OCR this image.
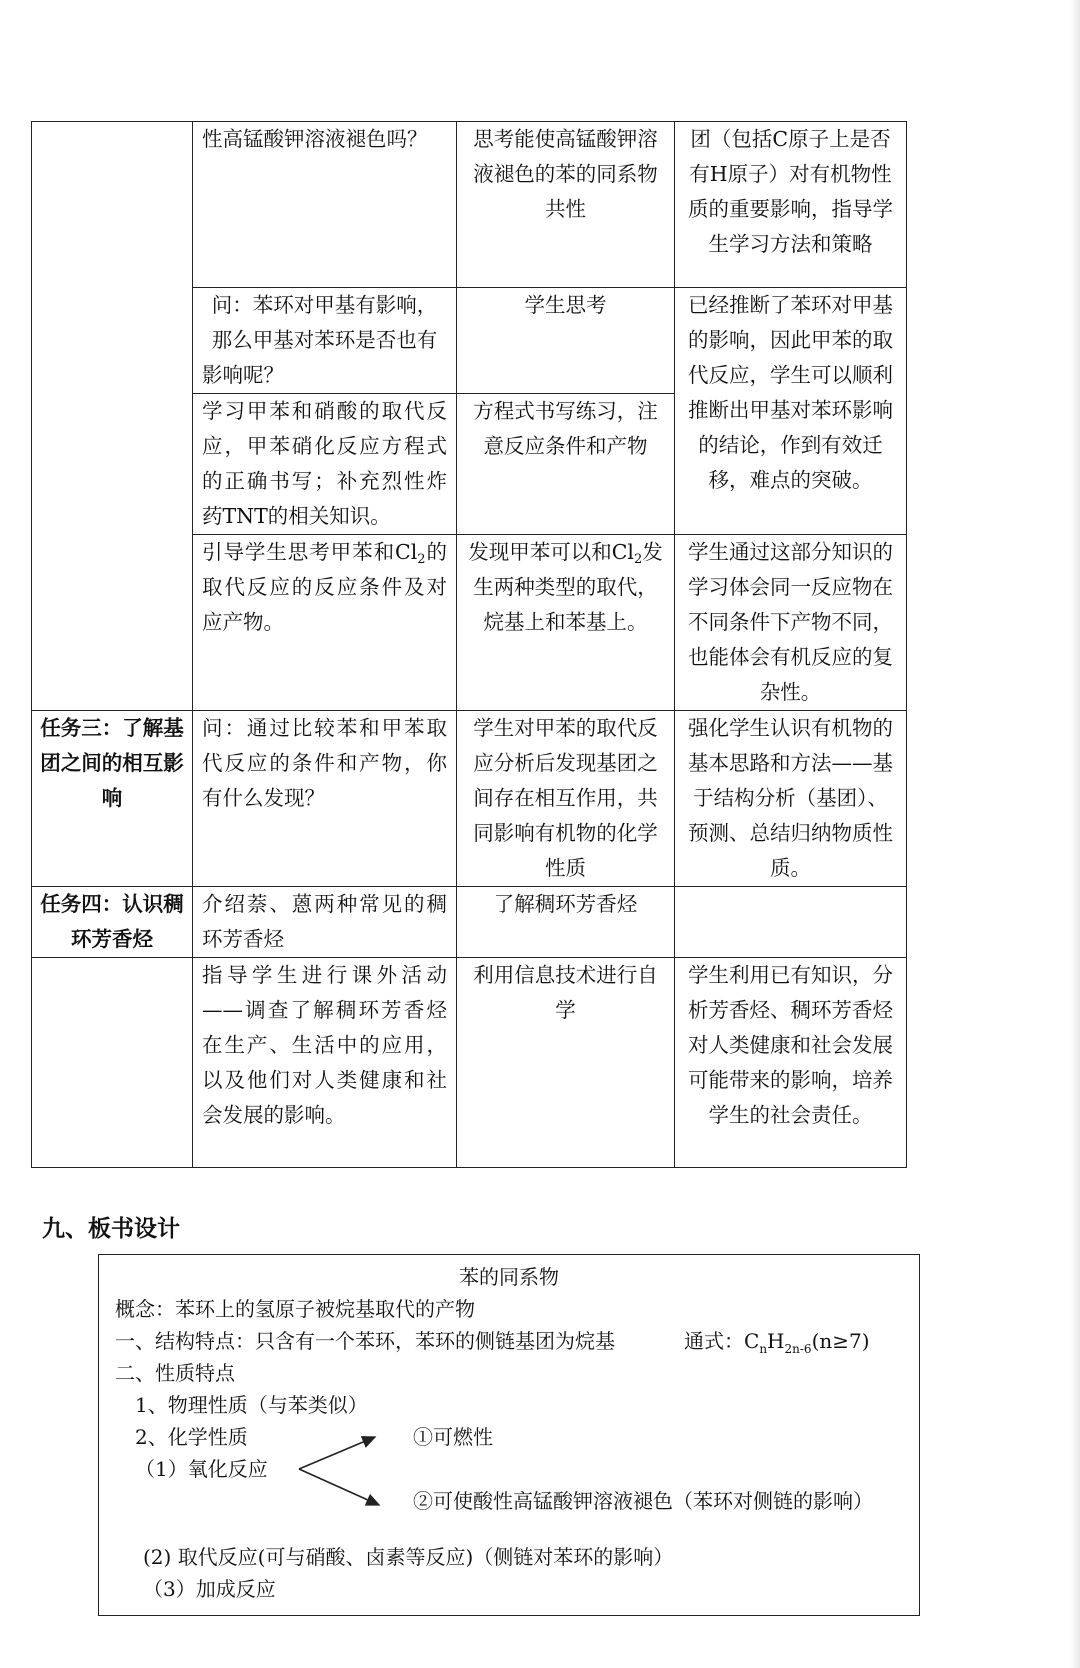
	性高锰酸钾溶液褪色吗？	思考能使高锰酸钾溶液褪色的苯的同系物共性	团（包括C原子上是否有H原子）对有机物性质的重要影响，指导学生学习方法和策略
	问：苯环对甲基有影响，那么甲基对苯环是否也有影响呢？	学生思考	已经推断了苯环对甲基的影响，因此甲苯的取代反应，学生可以顺利推断出甲基对苯环影响的结论，作到有效迁移，难点的突破。
	学习甲苯和硝酸的取代反应，甲苯硝化反应方程式的正确书写；补充烈性炸药TNT的相关知识。	方程式书写练习，注意反应条件和产物	
	引导学生思考甲苯和$Cl_2$的取代反应的反应条件及对应产物。	发现甲苯可以和$Cl_2$发生两种类型的取代，烷基上和苯基上。	学生通过这部分知识的学习体会同一反应物在不同条件下产物不同，也能体会有机反应的复杂性。
任务三：了解基团之间的相互影响	问：通过比较苯和甲苯取代反应的条件和产物，你有什么发现？	学生对甲苯的取代反应分析后发现基团之间存在相互作用，共同影响有机物的化学性质	强化学生认识有机物的基本思路和方法——基于结构分析（基团）、预测、总结归纳物质性质。
任务四：认识稠环芳香烃	介绍萘、蒽两种常见的稠环芳香烃	了解稠环芳香烃	
	指导学生进行课外活动——调查了解稠环芳香烃在生产、生活中的应用，以及他们对人类健康和社会发展的影响。	利用信息技术进行自学	学生利用已有知识，分析芳香烃、稠环芳香烃对人类健康和社会发展可能带来的影响，培养学生的社会责任。
九、板书设计
苯的同系物
概念：苯环上的氢原子被烷基取代的产物
一、结构特点：只含有一个苯环，苯环的侧链基团为烷基	通式：$C_nH_{2n-6}(n\ge 7)$
二、性质特点
1、物理性质（与苯类似）
2、化学性质
（1）氧化反应
①可燃性
②可使酸性高锰酸钾溶液褪色（苯环对侧链的影响）
(2) 取代反应(可与硝酸、卤素等反应)（侧链对苯环的影响）
（3）加成反应
